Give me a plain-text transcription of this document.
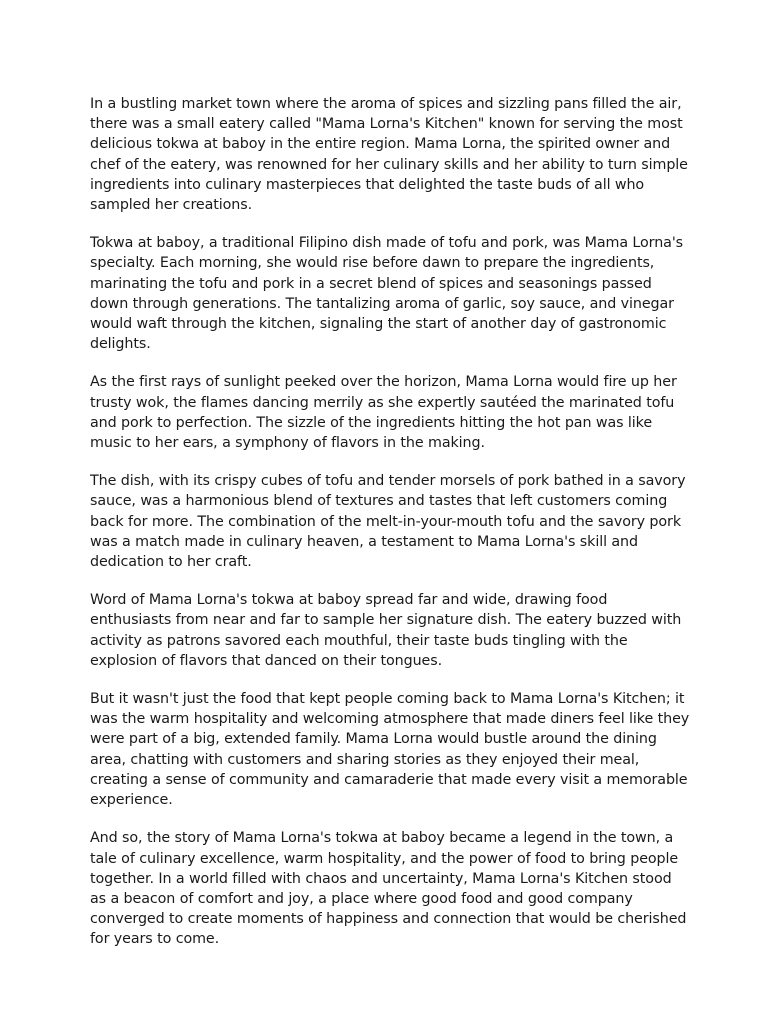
In a bustling market town where the aroma of spices and sizzling pans filled the air, there was a small eatery called "Mama Lorna's Kitchen" known for serving the most delicious tokwa at baboy in the entire region. Mama Lorna, the spirited owner and chef of the eatery, was renowned for her culinary skills and her ability to turn simple ingredients into culinary masterpieces that delighted the taste buds of all who sampled her creations.

Tokwa at baboy, a traditional Filipino dish made of tofu and pork, was Mama Lorna's specialty. Each morning, she would rise before dawn to prepare the ingredients, marinating the tofu and pork in a secret blend of spices and seasonings passed down through generations. The tantalizing aroma of garlic, soy sauce, and vinegar would waft through the kitchen, signaling the start of another day of gastronomic delights.

As the first rays of sunlight peeked over the horizon, Mama Lorna would fire up her trusty wok, the flames dancing merrily as she expertly sautéed the marinated tofu and pork to perfection. The sizzle of the ingredients hitting the hot pan was like music to her ears, a symphony of flavors in the making.

The dish, with its crispy cubes of tofu and tender morsels of pork bathed in a savory sauce, was a harmonious blend of textures and tastes that left customers coming back for more. The combination of the melt-in-your-mouth tofu and the savory pork was a match made in culinary heaven, a testament to Mama Lorna's skill and dedication to her craft.

Word of Mama Lorna's tokwa at baboy spread far and wide, drawing food enthusiasts from near and far to sample her signature dish. The eatery buzzed with activity as patrons savored each mouthful, their taste buds tingling with the explosion of flavors that danced on their tongues.

But it wasn't just the food that kept people coming back to Mama Lorna's Kitchen; it was the warm hospitality and welcoming atmosphere that made diners feel like they were part of a big, extended family. Mama Lorna would bustle around the dining area, chatting with customers and sharing stories as they enjoyed their meal, creating a sense of community and camaraderie that made every visit a memorable experience.

And so, the story of Mama Lorna's tokwa at baboy became a legend in the town, a tale of culinary excellence, warm hospitality, and the power of food to bring people together. In a world filled with chaos and uncertainty, Mama Lorna's Kitchen stood as a beacon of comfort and joy, a place where good food and good company converged to create moments of happiness and connection that would be cherished for years to come.
